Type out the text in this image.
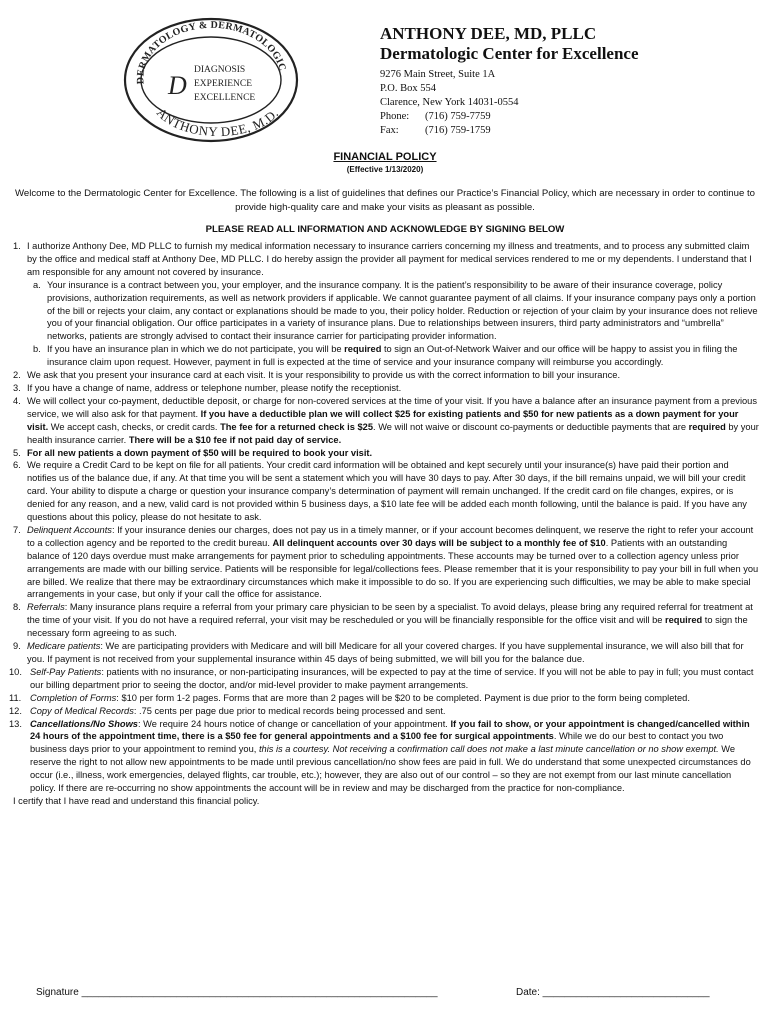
DERMATOLOGY & DERMATOLOGIC
ANTHONY DEE, M.D.
D
DIAGNOSIS
EXPERIENCE
EXCELLENCE
ANTHONY DEE, MD, PLLC
Dermatologic Center for Excellence
9276 Main Street, Suite 1A
P.O. Box 554
Clarence, New York 14031-0554
Phone: (716) 759-7759
Fax:	(716) 759-1759
FINANCIAL POLICY
(Effective 1/13/2020)
Welcome to the Dermatologic Center for Excellence. The following is a list of guidelines that defines our Practice’s Financial Policy, which are necessary in order to continue to provide high-quality care and make your visits as pleasant as possible.
PLEASE READ ALL INFORMATION AND ACKNOWLEDGE BY SIGNING BELOW
1. I authorize Anthony Dee, MD PLLC to furnish my medical information necessary to insurance carriers concerning my illness and treatments, and to process any submitted claim by the office and medical staff at Anthony Dee, MD PLLC. I do hereby assign the provider all payment for medical services rendered to me or my dependents. I understand that I am responsible for any amount not covered by insurance.
a. Your insurance is a contract between you, your employer, and the insurance company. It is the patient’s responsibility to be aware of their insurance coverage, policy provisions, authorization requirements, as well as network providers if applicable. We cannot guarantee payment of all claims. If your insurance company pays only a portion of the bill or rejects your claim, any contact or explanations should be made to you, their policy holder. Reduction or rejection of your claim by your insurance does not relieve you of your financial obligation. Our office participates in a variety of insurance plans. Due to relationships between insurers, third party administrators and “umbrella” networks, patients are strongly advised to contact their insurance carrier for participating provider information.
b. If you have an insurance plan in which we do not participate, you will be required to sign an Out-of-Network Waiver and our office will be happy to assist you in filing the insurance claim upon request. However, payment in full is expected at the time of service and your insurance company will reimburse you accordingly.
2. We ask that you present your insurance card at each visit. It is your responsibility to provide us with the correct information to bill your insurance.
3. If you have a change of name, address or telephone number, please notify the receptionist.
4. We will collect your co-payment, deductible deposit, or charge for non-covered services at the time of your visit. If you have a balance after an insurance payment from a previous service, we will also ask for that payment. If you have a deductible plan we will collect $25 for existing patients and $50 for new patients as a down payment for your visit. We accept cash, checks, or credit cards. The fee for a returned check is $25. We will not waive or discount co-payments or deductible payments that are required by your health insurance carrier. There will be a $10 fee if not paid day of service.
5. For all new patients a down payment of $50 will be required to book your visit.
6. We require a Credit Card to be kept on file for all patients. Your credit card information will be obtained and kept securely until your insurance(s) have paid their portion and notifies us of the balance due, if any. At that time you will be sent a statement which you will have 30 days to pay. After 30 days, if the bill remains unpaid, we will bill your credit card. Your ability to dispute a charge or question your insurance company’s determination of payment will remain unchanged. If the credit card on file changes, expires, or is denied for any reason, and a new, valid card is not provided within 5 business days, a $10 late fee will be added each month following, until the balance is paid. If you have any questions about this policy, please do not hesitate to ask.
7. Delinquent Accounts: If your insurance denies our charges, does not pay us in a timely manner, or if your account becomes delinquent, we reserve the right to refer your account to a collection agency and be reported to the credit bureau. All delinquent accounts over 30 days will be subject to a monthly fee of $10. Patients with an outstanding balance of 120 days overdue must make arrangements for payment prior to scheduling appointments. These accounts may be turned over to a collection agency unless prior arrangements are made with our billing service. Patients will be responsible for legal/collections fees. Please remember that it is your responsibility to pay your bill in full when you are billed. We realize that there may be extraordinary circumstances which make it impossible to do so. If you are experiencing such difficulties, we may be able to make special arrangements in your case, but only if your call the office for assistance.
8. Referrals: Many insurance plans require a referral from your primary care physician to be seen by a specialist. To avoid delays, please bring any required referral for treatment at the time of your visit. If you do not have a required referral, your visit may be rescheduled or you will be financially responsible for the office visit and will be required to sign the necessary form agreeing to as such.
9. Medicare patients: We are participating providers with Medicare and will bill Medicare for all your covered charges. If you have supplemental insurance, we will also bill that for you. If payment is not received from your supplemental insurance within 45 days of being submitted, we will bill you for the balance due.
10. Self-Pay Patients: patients with no insurance, or non-participating insurances, will be expected to pay at the time of service. If you will not be able to pay in full; you must contact our billing department prior to seeing the doctor, and/or mid-level provider to make payment arrangements.
11. Completion of Forms: $10 per form 1-2 pages. Forms that are more than 2 pages will be $20 to be completed. Payment is due prior to the form being completed.
12. Copy of Medical Records: .75 cents per page due prior to medical records being processed and sent.
13. Cancellations/No Shows: We require 24 hours notice of change or cancellation of your appointment. If you fail to show, or your appointment is changed/cancelled within 24 hours of the appointment time, there is a $50 fee for general appointments and a $100 fee for surgical appointments. While we do our best to contact you two business days prior to your appointment to remind you, this is a courtesy. Not receiving a confirmation call does not make a last minute cancellation or no show exempt. We reserve the right to not allow new appointments to be made until previous cancellation/no show fees are paid in full. We do understand that some unexpected circumstances do occur (i.e., illness, work emergencies, delayed flights, car trouble, etc.); however, they are also out of our control – so they are not exempt from our last minute cancellation policy. If there are re-occurring no show appointments the account will be in review and may be discharged from the practice for non-compliance.
I certify that I have read and understand this financial policy.
Signature ________________________________________________________________	Date: ______________________________
